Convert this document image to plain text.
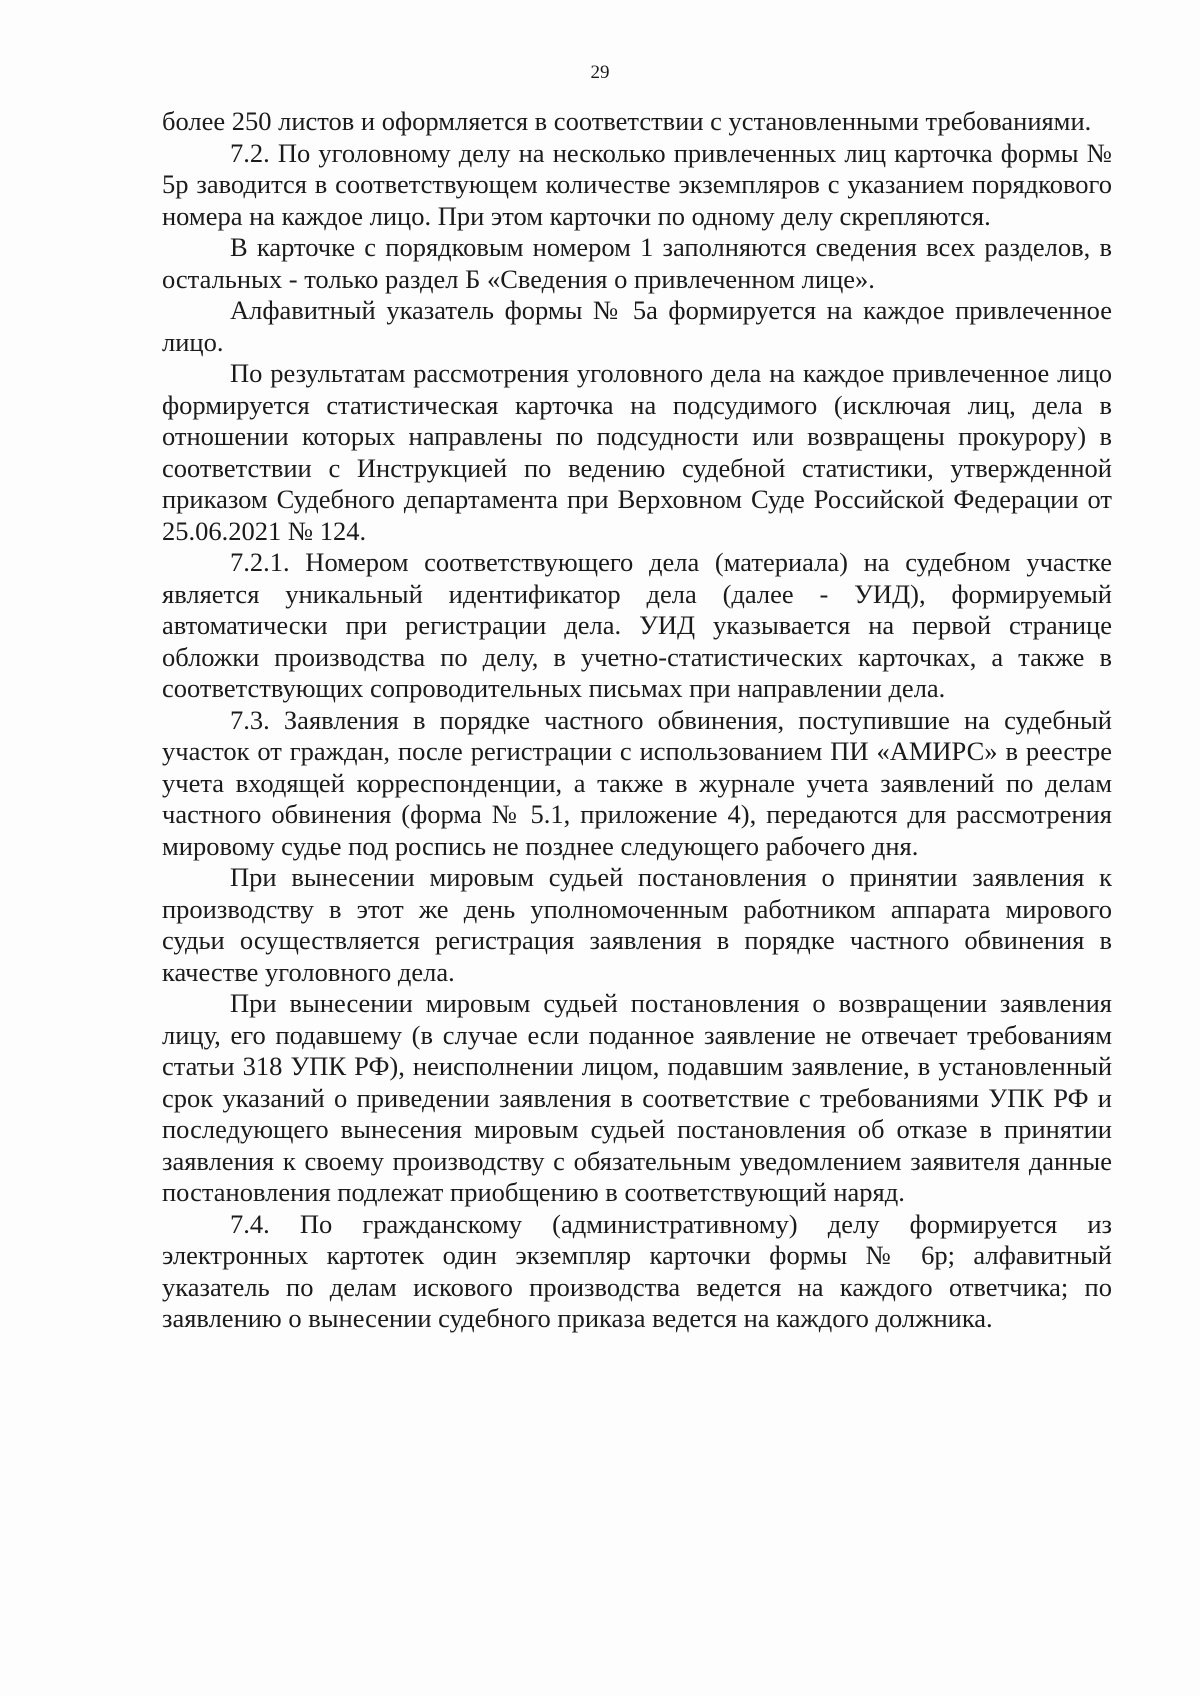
29

более 250 листов и оформляется в соответствии с установленными требованиями.

7.2. По уголовному делу на несколько привлеченных лиц карточка формы № 5р заводится в соответствующем количестве экземпляров с указанием порядкового номера на каждое лицо. При этом карточки по одному делу скрепляются.

В карточке с порядковым номером 1 заполняются сведения всех разделов, в остальных - только раздел Б «Сведения о привлеченном лице».

Алфавитный указатель формы № 5а формируется на каждое привлеченное лицо.

По результатам рассмотрения уголовного дела на каждое привлеченное лицо формируется статистическая карточка на подсудимого (исключая лиц, дела в отношении которых направлены по подсудности или возвращены прокурору) в соответствии с Инструкцией по ведению судебной статистики, утвержденной приказом Судебного департамента при Верховном Суде Российской Федерации от 25.06.2021 № 124.

7.2.1. Номером соответствующего дела (материала) на судебном участке является уникальный идентификатор дела (далее - УИД), формируемый автоматически при регистрации дела. УИД указывается на первой странице обложки производства по делу, в учетно-статистических карточках, а также в соответствующих сопроводительных письмах при направлении дела.

7.3. Заявления в порядке частного обвинения, поступившие на судебный участок от граждан, после регистрации с использованием ПИ «АМИРС» в реестре учета входящей корреспонденции, а также в журнале учета заявлений по делам частного обвинения (форма № 5.1, приложение 4), передаются для рассмотрения мировому судье под роспись не позднее следующего рабочего дня.

При вынесении мировым судьей постановления о принятии заявления к производству в этот же день уполномоченным работником аппарата мирового судьи осуществляется регистрация заявления в порядке частного обвинения в качестве уголовного дела.

При вынесении мировым судьей постановления о возвращении заявления лицу, его подавшему (в случае если поданное заявление не отвечает требованиям статьи 318 УПК РФ), неисполнении лицом, подавшим заявление, в установленный срок указаний о приведении заявления в соответствие с требованиями УПК РФ и последующего вынесения мировым судьей постановления об отказе в принятии заявления к своему производству с обязательным уведомлением заявителя данные постановления подлежат приобщению в соответствующий наряд.

7.4. По гражданскому (административному) делу формируется из электронных картотек один экземпляр карточки формы № 6р; алфавитный указатель по делам искового производства ведется на каждого ответчика; по заявлению о вынесении судебного приказа ведется на каждого должника.
